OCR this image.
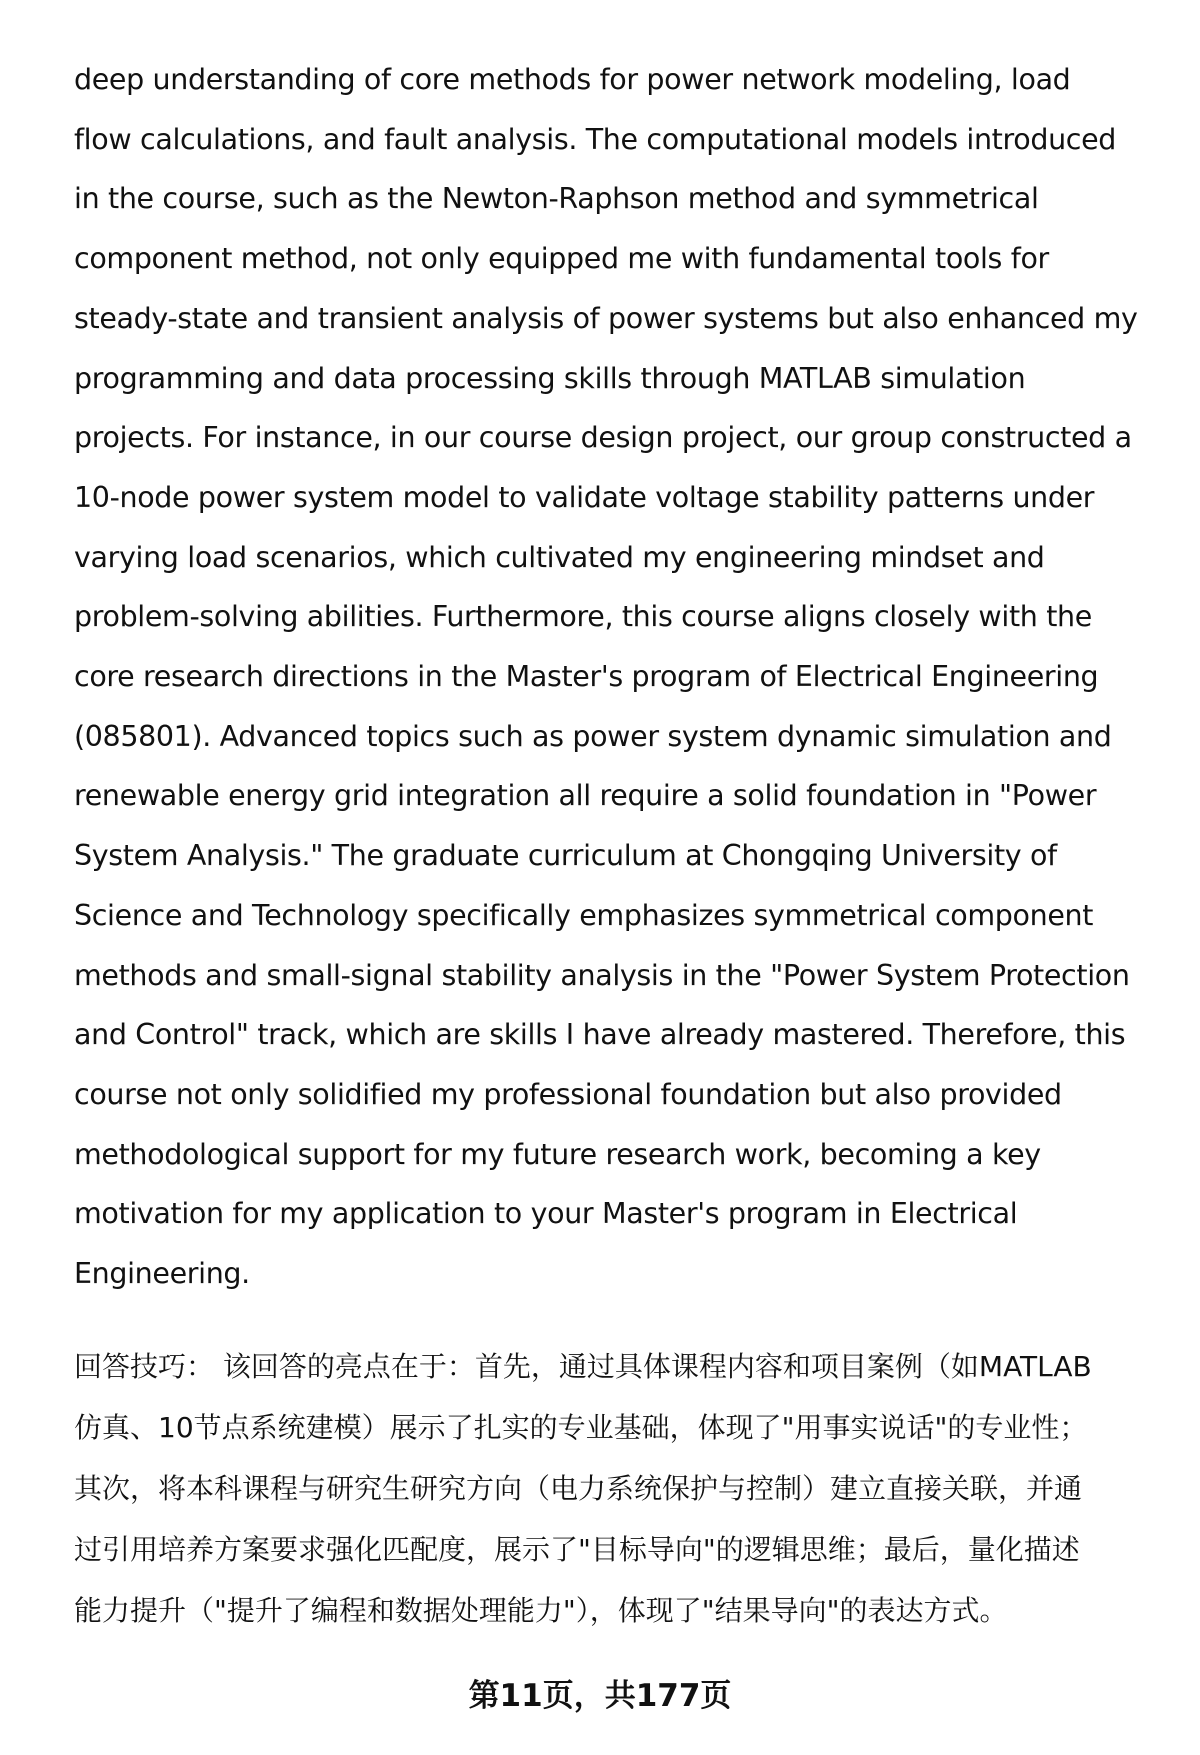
deep understanding of core methods for power network modeling, load
flow calculations, and fault analysis. The computational models introduced
in the course, such as the Newton-Raphson method and symmetrical
component method, not only equipped me with fundamental tools for
steady-state and transient analysis of power systems but also enhanced my
programming and data processing skills through MATLAB simulation
projects. For instance, in our course design project, our group constructed a
10-node power system model to validate voltage stability patterns under
varying load scenarios, which cultivated my engineering mindset and
problem-solving abilities. Furthermore, this course aligns closely with the
core research directions in the Master's program of Electrical Engineering
(085801). Advanced topics such as power system dynamic simulation and
renewable energy grid integration all require a solid foundation in "Power
System Analysis." The graduate curriculum at Chongqing University of
Science and Technology specifically emphasizes symmetrical component
methods and small-signal stability analysis in the "Power System Protection
and Control" track, which are skills I have already mastered. Therefore, this
course not only solidified my professional foundation but also provided
methodological support for my future research work, becoming a key
motivation for my application to your Master's program in Electrical
Engineering.
回答技巧： 该回答的亮点在于：首先，通过具体课程内容和项目案例（如MATLAB
仿真、10节点系统建模）展示了扎实的专业基础，体现了"用事实说话"的专业性；
其次，将本科课程与研究生研究方向（电力系统保护与控制）建立直接关联，并通
过引用培养方案要求强化匹配度，展示了"目标导向"的逻辑思维；最后，量化描述
能力提升（"提升了编程和数据处理能力"），体现了"结果导向"的表达方式。
第11页，共177页
